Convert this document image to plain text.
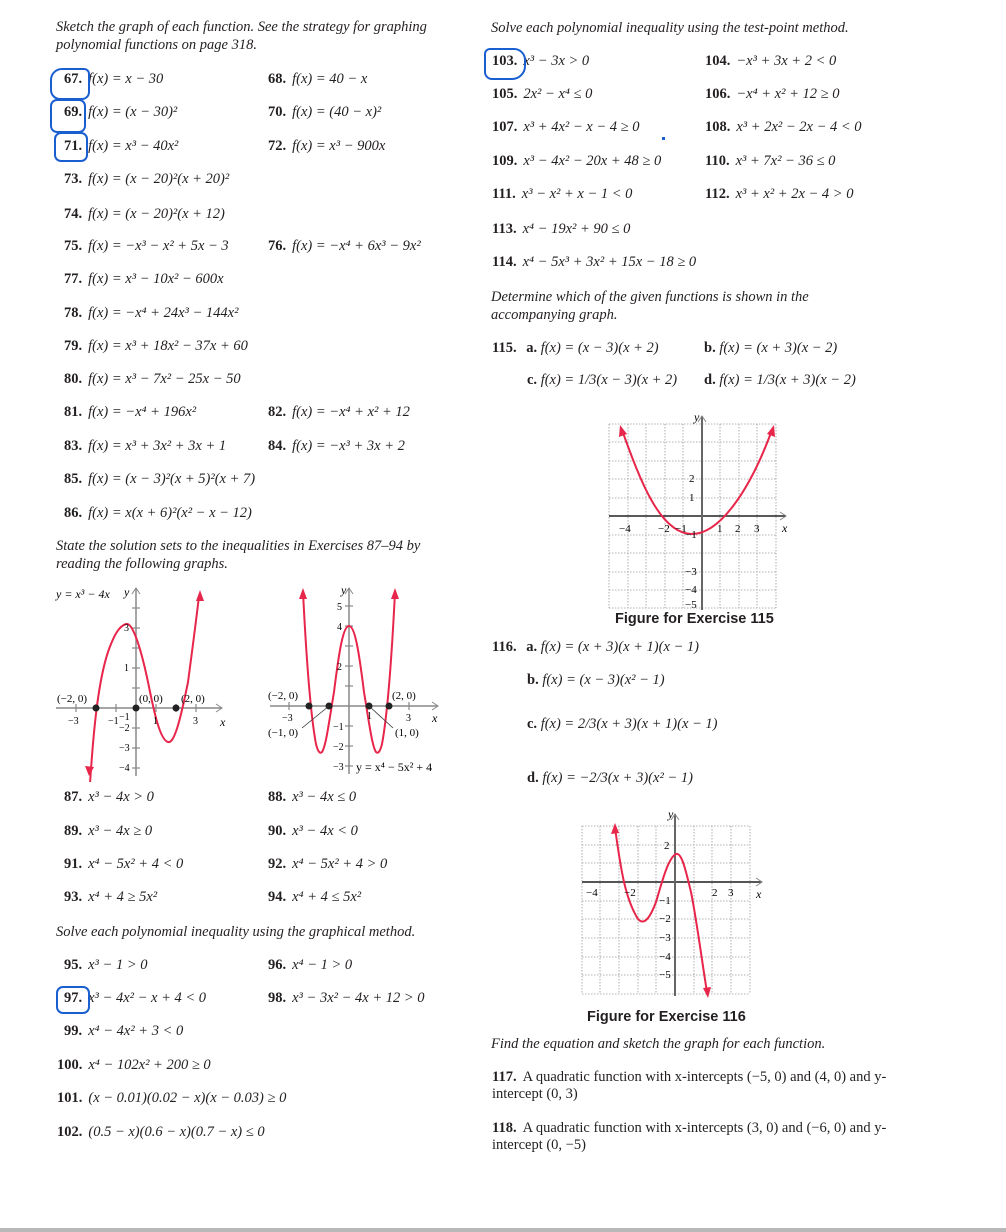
Sketch the graph of each function. See the strategy for graphing polynomial functions on page 318.
67. f(x) = x − 30	68. f(x) = 40 − x
69. f(x) = (x − 30)²	70. f(x) = (40 − x)²
71. f(x) = x³ − 40x²	72. f(x) = x³ − 900x
73. f(x) = (x − 20)²(x + 20)²
74. f(x) = (x − 20)²(x + 12)
75. f(x) = −x³ − x² + 5x − 3	76. f(x) = −x⁴ + 6x³ − 9x²
77. f(x) = x³ − 10x² − 600x
78. f(x) = −x⁴ + 24x³ − 144x²
79. f(x) = x³ + 18x² − 37x + 60
80. f(x) = x³ − 7x² − 25x − 50
81. f(x) = −x⁴ + 196x²	82. f(x) = −x⁴ + x² + 12
83. f(x) = x³ + 3x² + 3x + 1	84. f(x) = −x³ + 3x + 2
85. f(x) = (x − 3)²(x + 5)²(x + 7)
86. f(x) = x(x + 6)²(x² − x − 12)
State the solution sets to the inequalities in Exercises 87–94 by reading the following graphs.
y = x³ − 4x y
x
(−2, 0)	(0, 0) (2, 0)
−3	−1	1	3
3
1
−1
−2
−3
−4
y
x
(−2, 0)	(2, 0)
(−1, 0)	(1, 0)
−3	1	3
5
4
2
−1
−2
−3 y = x⁴ − 5x² + 4
87. x³ − 4x > 0	88. x³ − 4x ≤ 0
89. x³ − 4x ≥ 0	90. x³ − 4x < 0
91. x⁴ − 5x² + 4 < 0	92. x⁴ − 5x² + 4 > 0
93. x⁴ + 4 ≥ 5x²	94. x⁴ + 4 ≤ 5x²
Solve each polynomial inequality using the graphical method.
95. x³ − 1 > 0	96. x⁴ − 1 > 0
97. x³ − 4x² − x + 4 < 0	98. x³ − 3x² − 4x + 12 > 0
99. x⁴ − 4x² + 3 < 0
100. x⁴ − 102x² + 200 ≥ 0
101. (x − 0.01)(0.02 − x)(x − 0.03) ≥ 0
102. (0.5 − x)(0.6 − x)(0.7 − x) ≤ 0
Solve each polynomial inequality using the test-point method.
103. x³ − 3x > 0	104. −x³ + 3x + 2 < 0
105. 2x² − x⁴ ≤ 0	106. −x⁴ + x² + 12 ≥ 0
107. x³ + 4x² − x − 4 ≥ 0	108. x³ + 2x² − 2x − 4 < 0
109. x³ − 4x² − 20x + 48 ≥ 0	110. x³ + 7x² − 36 ≤ 0
111. x³ − x² + x − 1 < 0	112. x³ + x² + 2x − 4 > 0
113. x⁴ − 19x² + 90 ≤ 0
114. x⁴ − 5x³ + 3x² + 15x − 18 ≥ 0
Determine which of the given functions is shown in the accompanying graph.
115. a. f(x) = (x − 3)(x + 2)	b. f(x) = (x + 3)(x − 2)
c. f(x) = 1/3(x − 3)(x + 2) d. f(x) = 1/3(x + 3)(x − 2)
y
x
−4 −2 −1	1 2 3
2
1
−1
−3
−4
−5
Figure for Exercise 115
116. a. f(x) = (x + 3)(x + 1)(x − 1)
b. f(x) = (x − 3)(x² − 1)
c. f(x) = 2/3(x + 3)(x + 1)(x − 1)
d. f(x) = −2/3(x + 3)(x² − 1)
y
x
−4 −2	2 3
2
−1
−2
−3
−4
−5
Figure for Exercise 116
Find the equation and sketch the graph for each function.
117. A quadratic function with x-intercepts (−5, 0) and (4, 0) and y-intercept (0, 3)
118. A quadratic function with x-intercepts (3, 0) and (−6, 0) and y-intercept (0, −5)
